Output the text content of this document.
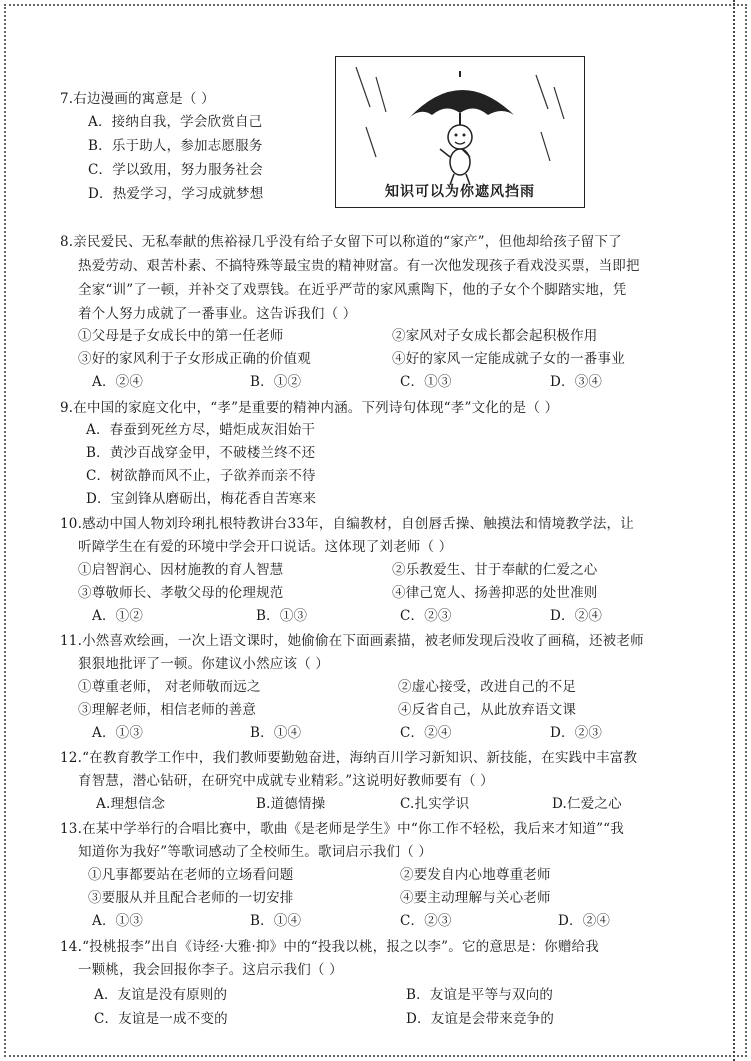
7.右边漫画的寓意是（ ）
A．接纳自我，学会欣赏自己
B．乐于助人，参加志愿服务
C．学以致用，努力服务社会
D．热爱学习，学习成就梦想	知识可以为你遮风挡雨
8.亲民爱民、无私奉献的焦裕禄几乎没有给子女留下可以称道的“家产”，但他却给孩子留下了
热爱劳动、艰苦朴素、不搞特殊等最宝贵的精神财富。有一次他发现孩子看戏没买票，当即把
全家“训”了一顿，并补交了戏票钱。在近乎严苛的家风熏陶下，他的子女个个脚踏实地，凭
着个人努力成就了一番事业。这告诉我们（ ）
①父母是子女成长中的第一任老师	②家风对子女成长都会起积极作用
③好的家风利于子女形成正确的价值观	④好的家风一定能成就子女的一番事业
A．②④	B．①②	C．①③	D．③④
9.在中国的家庭文化中，“孝”是重要的精神内涵。下列诗句体现“孝”文化的是（ ）
A．春蚕到死丝方尽，蜡炬成灰泪始干
B．黄沙百战穿金甲，不破楼兰终不还
C．树欲静而风不止，子欲养而亲不待
D．宝剑锋从磨砺出，梅花香自苦寒来
10.感动中国人物刘玲琍扎根特教讲台33年，自编教材，自创唇舌操、触摸法和情境教学法，让
听障学生在有爱的环境中学会开口说话。这体现了刘老师（ ）
①启智润心、因材施教的育人智慧	②乐教爱生、甘于奉献的仁爱之心
③尊敬师长、孝敬父母的伦理规范	④律己宽人、扬善抑恶的处世准则
A．①②	B．①③	C．②③	D．②④
11.小然喜欢绘画，一次上语文课时，她偷偷在下面画素描，被老师发现后没收了画稿，还被老师
狠狠地批评了一顿。你建议小然应该（ ）
①尊重老师， 对老师敬而远之	②虚心接受，改进自己的不足
③理解老师，相信老师的善意	④反省自己，从此放弃语文课
A．①③	B．①④	C．②④	D．②③
12.“在教育教学工作中，我们教师要勤勉奋进，海纳百川学习新知识、新技能，在实践中丰富教
育智慧，潜心钻研，在研究中成就专业精彩。”这说明好教师要有（ ）
A.理想信念	B.道德情操	C.扎实学识	D.仁爱之心
13.在某中学举行的合唱比赛中，歌曲《是老师是学生》中“你工作不轻松，我后来才知道”“我
知道你为我好”等歌词感动了全校师生。歌词启示我们（ ）
①凡事都要站在老师的立场看问题	②要发自内心地尊重老师
③要服从并且配合老师的一切安排	④要主动理解与关心老师
A．①③	B．①④	C．②③	D．②④
14.“投桃报李”出自《诗经·大雅·抑》中的“投我以桃，报之以李”。它的意思是：你赠给我
一颗桃，我会回报你李子。这启示我们（ ）
A．友谊是没有原则的	B．友谊是平等与双向的
C．友谊是一成不变的	D．友谊是会带来竞争的
